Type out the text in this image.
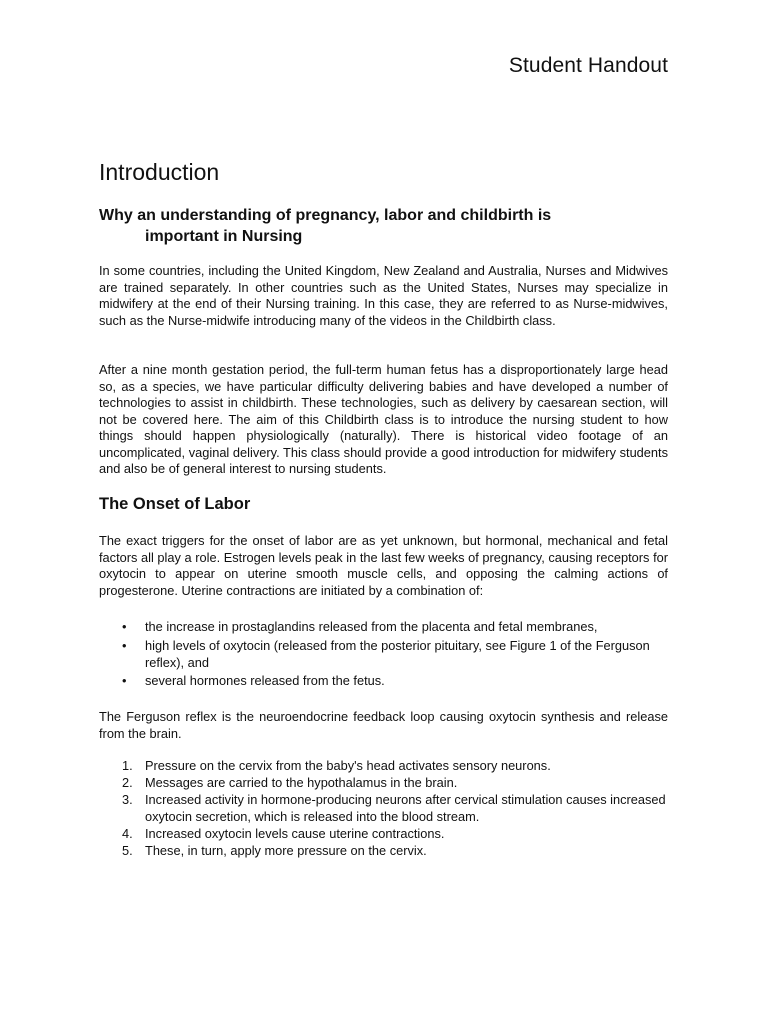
Student Handout
Introduction
Why an understanding of pregnancy, labor and childbirth is
important in Nursing

In some countries, including the United Kingdom, New Zealand and Australia, Nurses and Midwives are trained separately. In other countries such as the United States, Nurses may specialize in midwifery at the end of their Nursing training. In this case, they are referred to as Nurse-midwives, such as the Nurse-midwife introducing many of the videos in the Childbirth class.

After a nine month gestation period, the full-term human fetus has a disproportionately large head so, as a species, we have particular difficulty delivering babies and have developed a number of technologies to assist in childbirth. These technologies, such as delivery by caesarean section, will not be covered here. The aim of this Childbirth class is to introduce the nursing student to how things should happen physiologically (naturally). There is historical video footage of an uncomplicated, vaginal delivery. This class should provide a good introduction for midwifery students and also be of general interest to nursing students.

The Onset of Labor

The exact triggers for the onset of labor are as yet unknown, but hormonal, mechanical and fetal factors all play a role. Estrogen levels peak in the last few weeks of pregnancy, causing receptors for oxytocin to appear on uterine smooth muscle cells, and opposing the calming actions of progesterone. Uterine contractions are initiated by a combination of:

• the increase in prostaglandins released from the placenta and fetal membranes,
• high levels of oxytocin (released from the posterior pituitary, see Figure 1 of the Ferguson reflex), and
• several hormones released from the fetus.

The Ferguson reflex is the neuroendocrine feedback loop causing oxytocin synthesis and release from the brain.

1. Pressure on the cervix from the baby's head activates sensory neurons.
2. Messages are carried to the hypothalamus in the brain.
3. Increased activity in hormone-producing neurons after cervical stimulation causes increased oxytocin secretion, which is released into the blood stream.
4. Increased oxytocin levels cause uterine contractions.
5. These, in turn, apply more pressure on the cervix.
